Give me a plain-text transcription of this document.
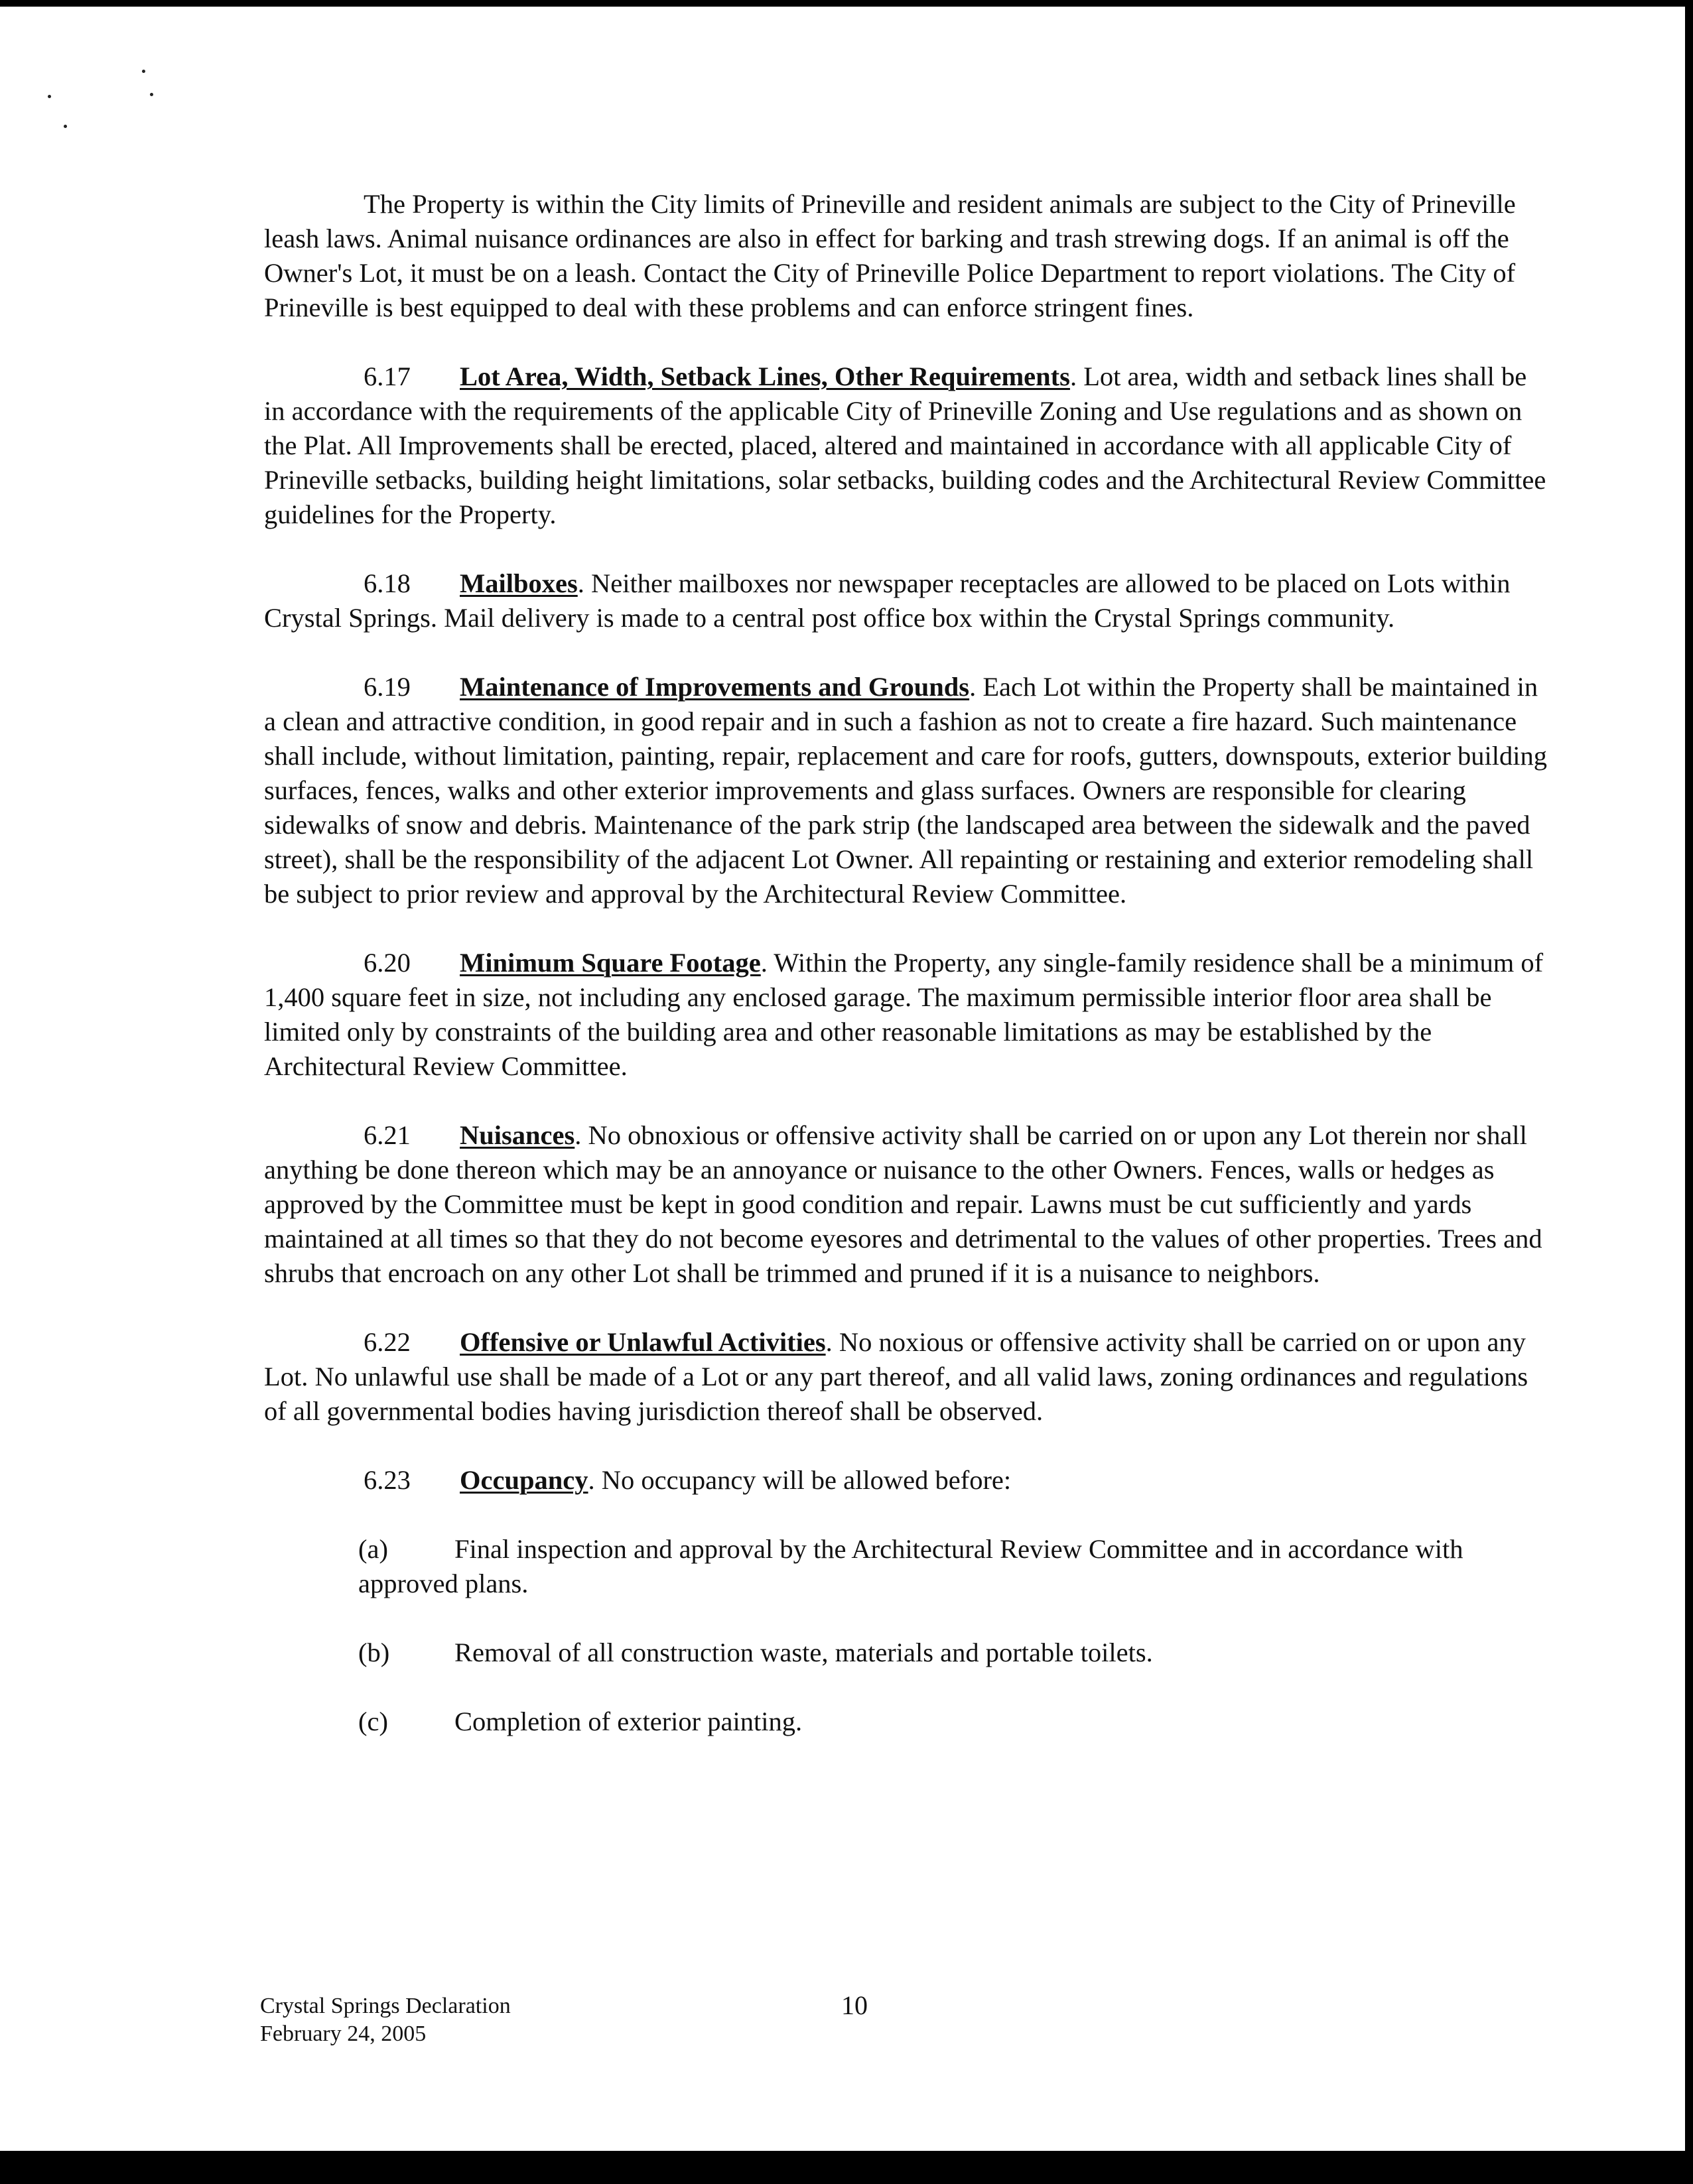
The Property is within the City limits of Prineville and resident animals are subject to the City of Prineville leash laws. Animal nuisance ordinances are also in effect for barking and trash strewing dogs. If an animal is off the Owner's Lot, it must be on a leash. Contact the City of Prineville Police Department to report violations. The City of Prineville is best equipped to deal with these problems and can enforce stringent fines.

6.17 Lot Area, Width, Setback Lines, Other Requirements. Lot area, width and setback lines shall be in accordance with the requirements of the applicable City of Prineville Zoning and Use regulations and as shown on the Plat. All Improvements shall be erected, placed, altered and maintained in accordance with all applicable City of Prineville setbacks, building height limitations, solar setbacks, building codes and the Architectural Review Committee guidelines for the Property.

6.18 Mailboxes. Neither mailboxes nor newspaper receptacles are allowed to be placed on Lots within Crystal Springs. Mail delivery is made to a central post office box within the Crystal Springs community.

6.19 Maintenance of Improvements and Grounds. Each Lot within the Property shall be maintained in a clean and attractive condition, in good repair and in such a fashion as not to create a fire hazard. Such maintenance shall include, without limitation, painting, repair, replacement and care for roofs, gutters, downspouts, exterior building surfaces, fences, walks and other exterior improvements and glass surfaces. Owners are responsible for clearing sidewalks of snow and debris. Maintenance of the park strip (the landscaped area between the sidewalk and the paved street), shall be the responsibility of the adjacent Lot Owner. All repainting or restaining and exterior remodeling shall be subject to prior review and approval by the Architectural Review Committee.

6.20 Minimum Square Footage. Within the Property, any single-family residence shall be a minimum of 1,400 square feet in size, not including any enclosed garage. The maximum permissible interior floor area shall be limited only by constraints of the building area and other reasonable limitations as may be established by the Architectural Review Committee.

6.21 Nuisances. No obnoxious or offensive activity shall be carried on or upon any Lot therein nor shall anything be done thereon which may be an annoyance or nuisance to the other Owners. Fences, walls or hedges as approved by the Committee must be kept in good condition and repair. Lawns must be cut sufficiently and yards maintained at all times so that they do not become eyesores and detrimental to the values of other properties. Trees and shrubs that encroach on any other Lot shall be trimmed and pruned if it is a nuisance to neighbors.

6.22 Offensive or Unlawful Activities. No noxious or offensive activity shall be carried on or upon any Lot. No unlawful use shall be made of a Lot or any part thereof, and all valid laws, zoning ordinances and regulations of all governmental bodies having jurisdiction thereof shall be observed.

6.23 Occupancy. No occupancy will be allowed before:

(a) Final inspection and approval by the Architectural Review Committee and in accordance with approved plans.

(b) Removal of all construction waste, materials and portable toilets.

(c) Completion of exterior painting.

Crystal Springs Declaration
February 24, 2005
10
